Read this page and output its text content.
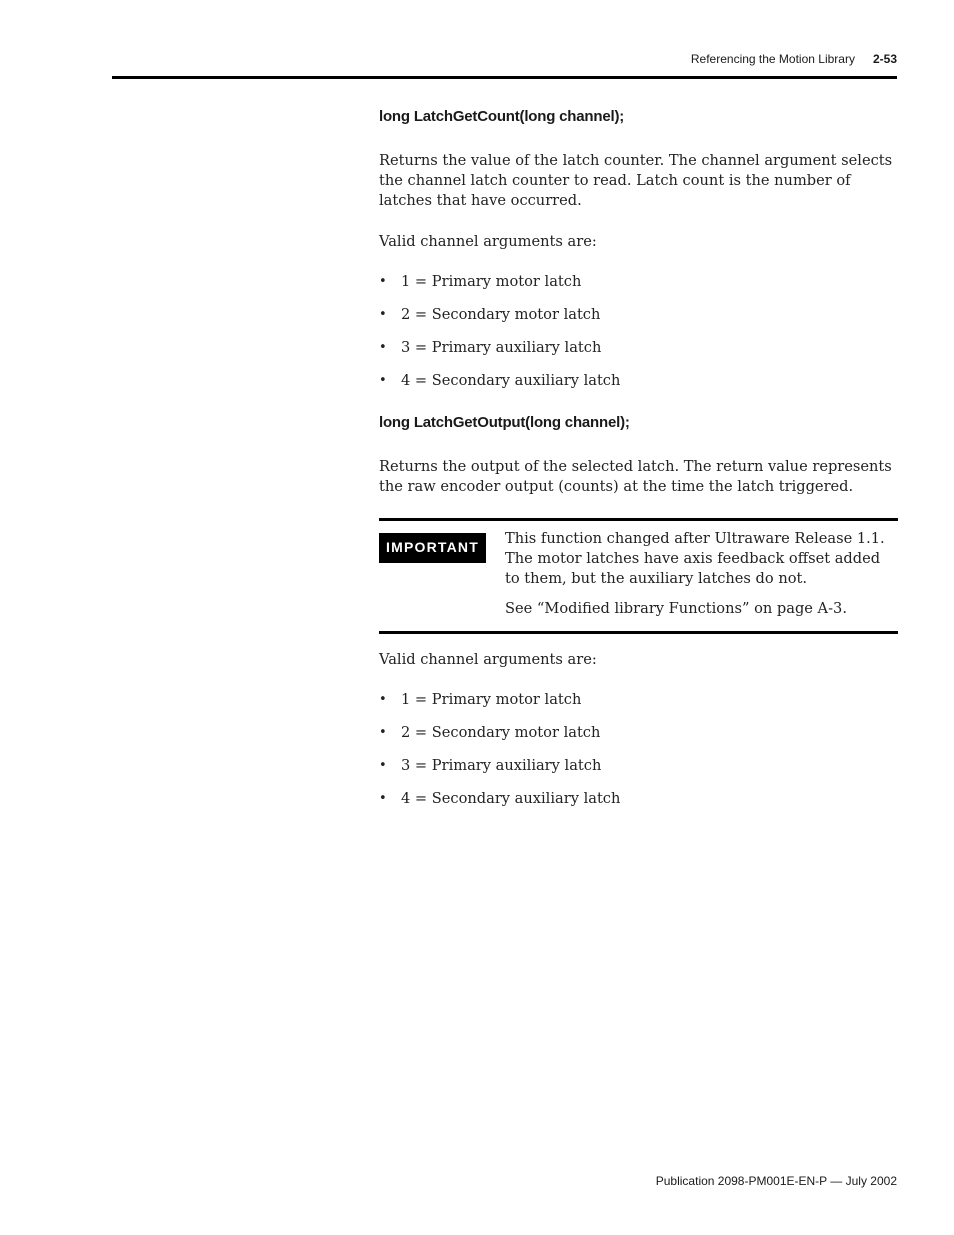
Referencing the Motion Library 2-53
long LatchGetCount(long channel);
Returns the value of the latch counter. The channel argument selects the channel latch counter to read. Latch count is the number of latches that have occurred.
Valid channel arguments are:
• 1 = Primary motor latch
• 2 = Secondary motor latch
• 3 = Primary auxiliary latch
• 4 = Secondary auxiliary latch
long LatchGetOutput(long channel);
Returns the output of the selected latch. The return value represents the raw encoder output (counts) at the time the latch triggered.
IMPORTANT	This function changed after Ultraware Release 1.1. The motor latches have axis feedback offset added to them, but the auxiliary latches do not.
See “Modified library Functions” on page A-3.
Valid channel arguments are:
• 1 = Primary motor latch
• 2 = Secondary motor latch
• 3 = Primary auxiliary latch
• 4 = Secondary auxiliary latch
Publication 2098-PM001E-EN-P — July 2002
